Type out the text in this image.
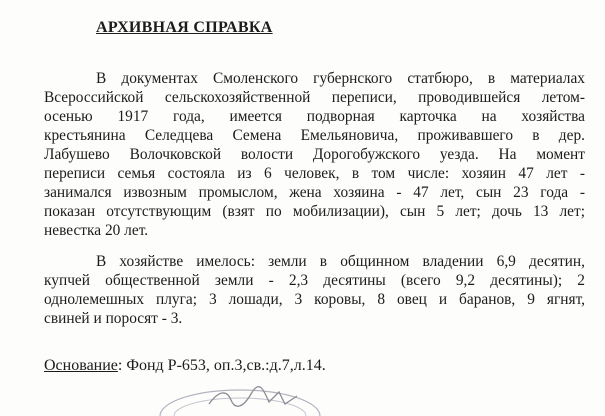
АРХИВНАЯ СПРАВКА
В документах Смоленского губернского статбюро, в материалах
Всероссийской сельскохозяйственной переписи, проводившейся летом-
осенью 1917 года, имеется подворная карточка на хозяйства
крестьянина Селедцева Семена Емельяновича, проживавшего в дер.
Лабушево Волочковской волости Дорогобужского уезда. На момент
переписи семья состояла из 6 человек, в том числе: хозяин 47 лет -
занимался извозным промыслом, жена хозяина - 47 лет, сын 23 года -
показан отсутствующим (взят по мобилизации), сын 5 лет; дочь 13 лет;
невестка 20 лет.
В хозяйстве имелось: земли в общинном владении 6,9 десятин,
купчей общественной земли - 2,3 десятины (всего 9,2 десятины); 2
однолемешных плуга; 3 лошади, 3 коровы, 8 овец и баранов, 9 ягнят,
свиней и поросят - 3.
Основание: Фонд Р-653, оп.3,св.:д.7,л.14.
